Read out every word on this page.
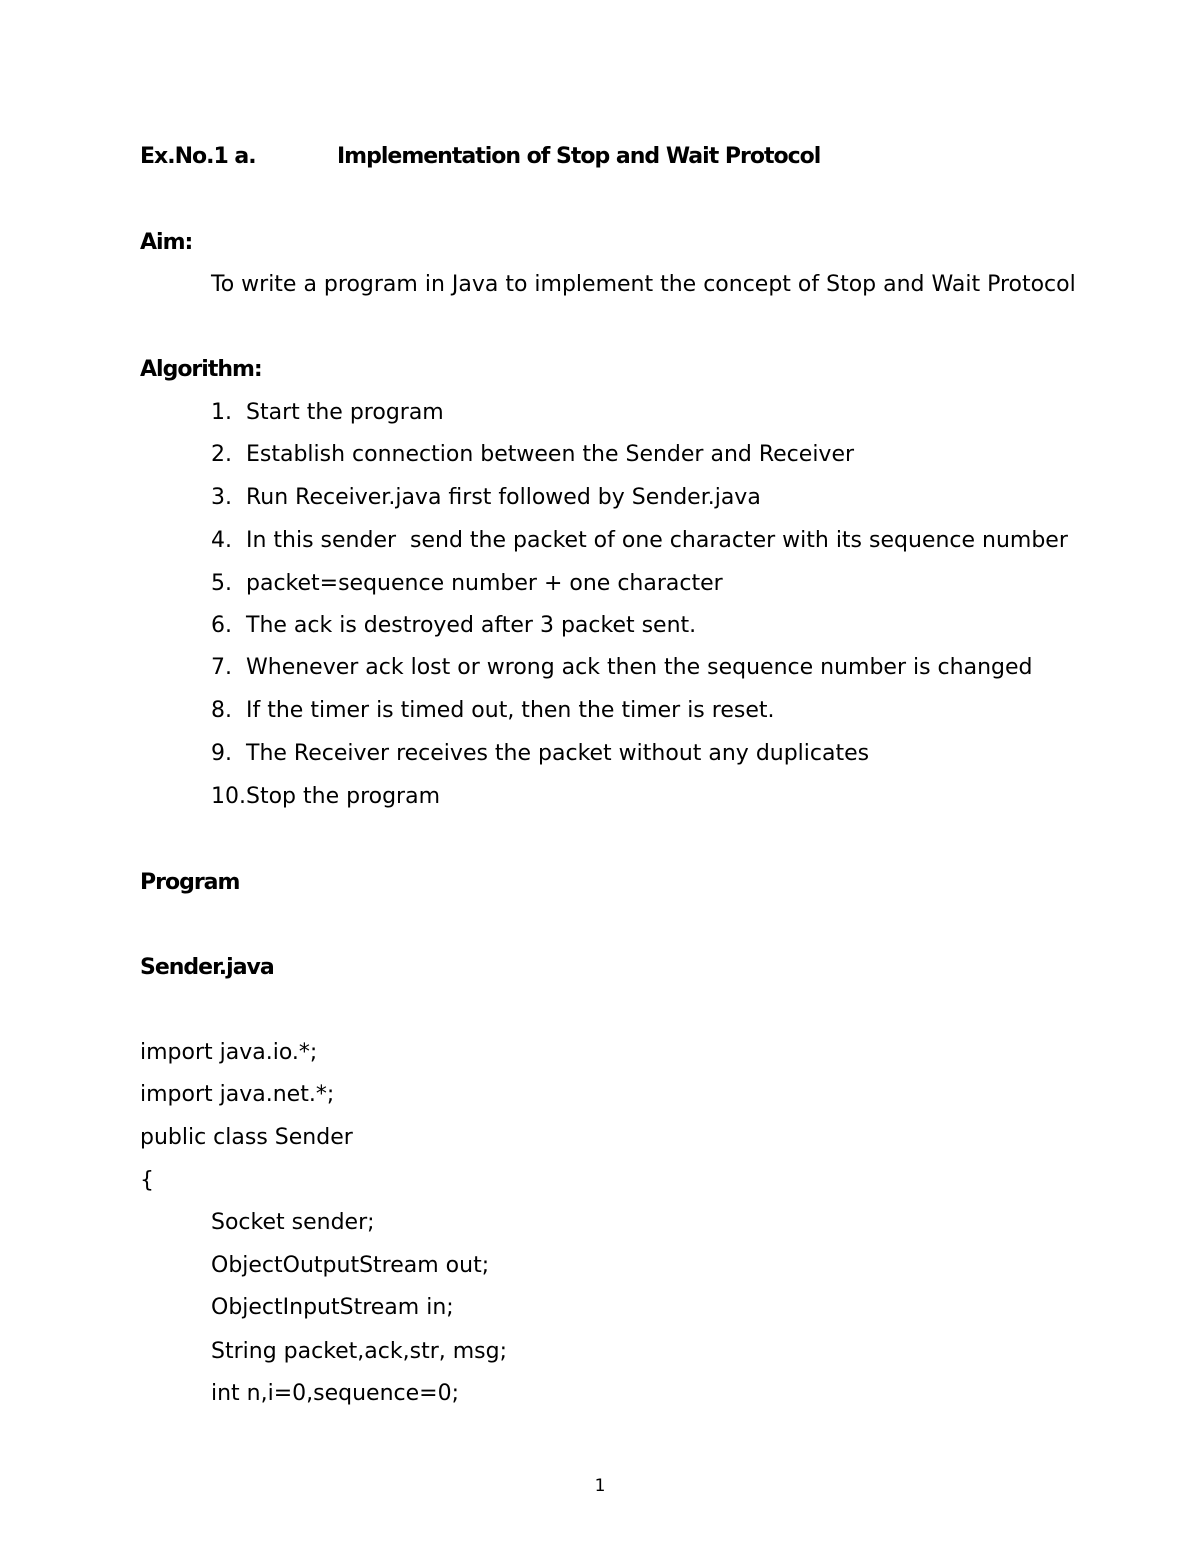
Ex.No.1 a.	Implementation of Stop and Wait Protocol
Aim:
To write a program in Java to implement the concept of Stop and Wait Protocol
Algorithm:
1. Start the program
2. Establish connection between the Sender and Receiver
3. Run Receiver.java first followed by Sender.java
4. In this sender  send the packet of one character with its sequence number
5. packet=sequence number + one character
6. The ack is destroyed after 3 packet sent.
7. Whenever ack lost or wrong ack then the sequence number is changed
8. If the timer is timed out, then the timer is reset.
9. The Receiver receives the packet without any duplicates
10. Stop the program
Program
Sender.java
import java.io.*;
import java.net.*;
public class Sender
{
Socket sender;
ObjectOutputStream out;
ObjectInputStream in;
String packet,ack,str, msg;
int n,i=0,sequence=0;
1
